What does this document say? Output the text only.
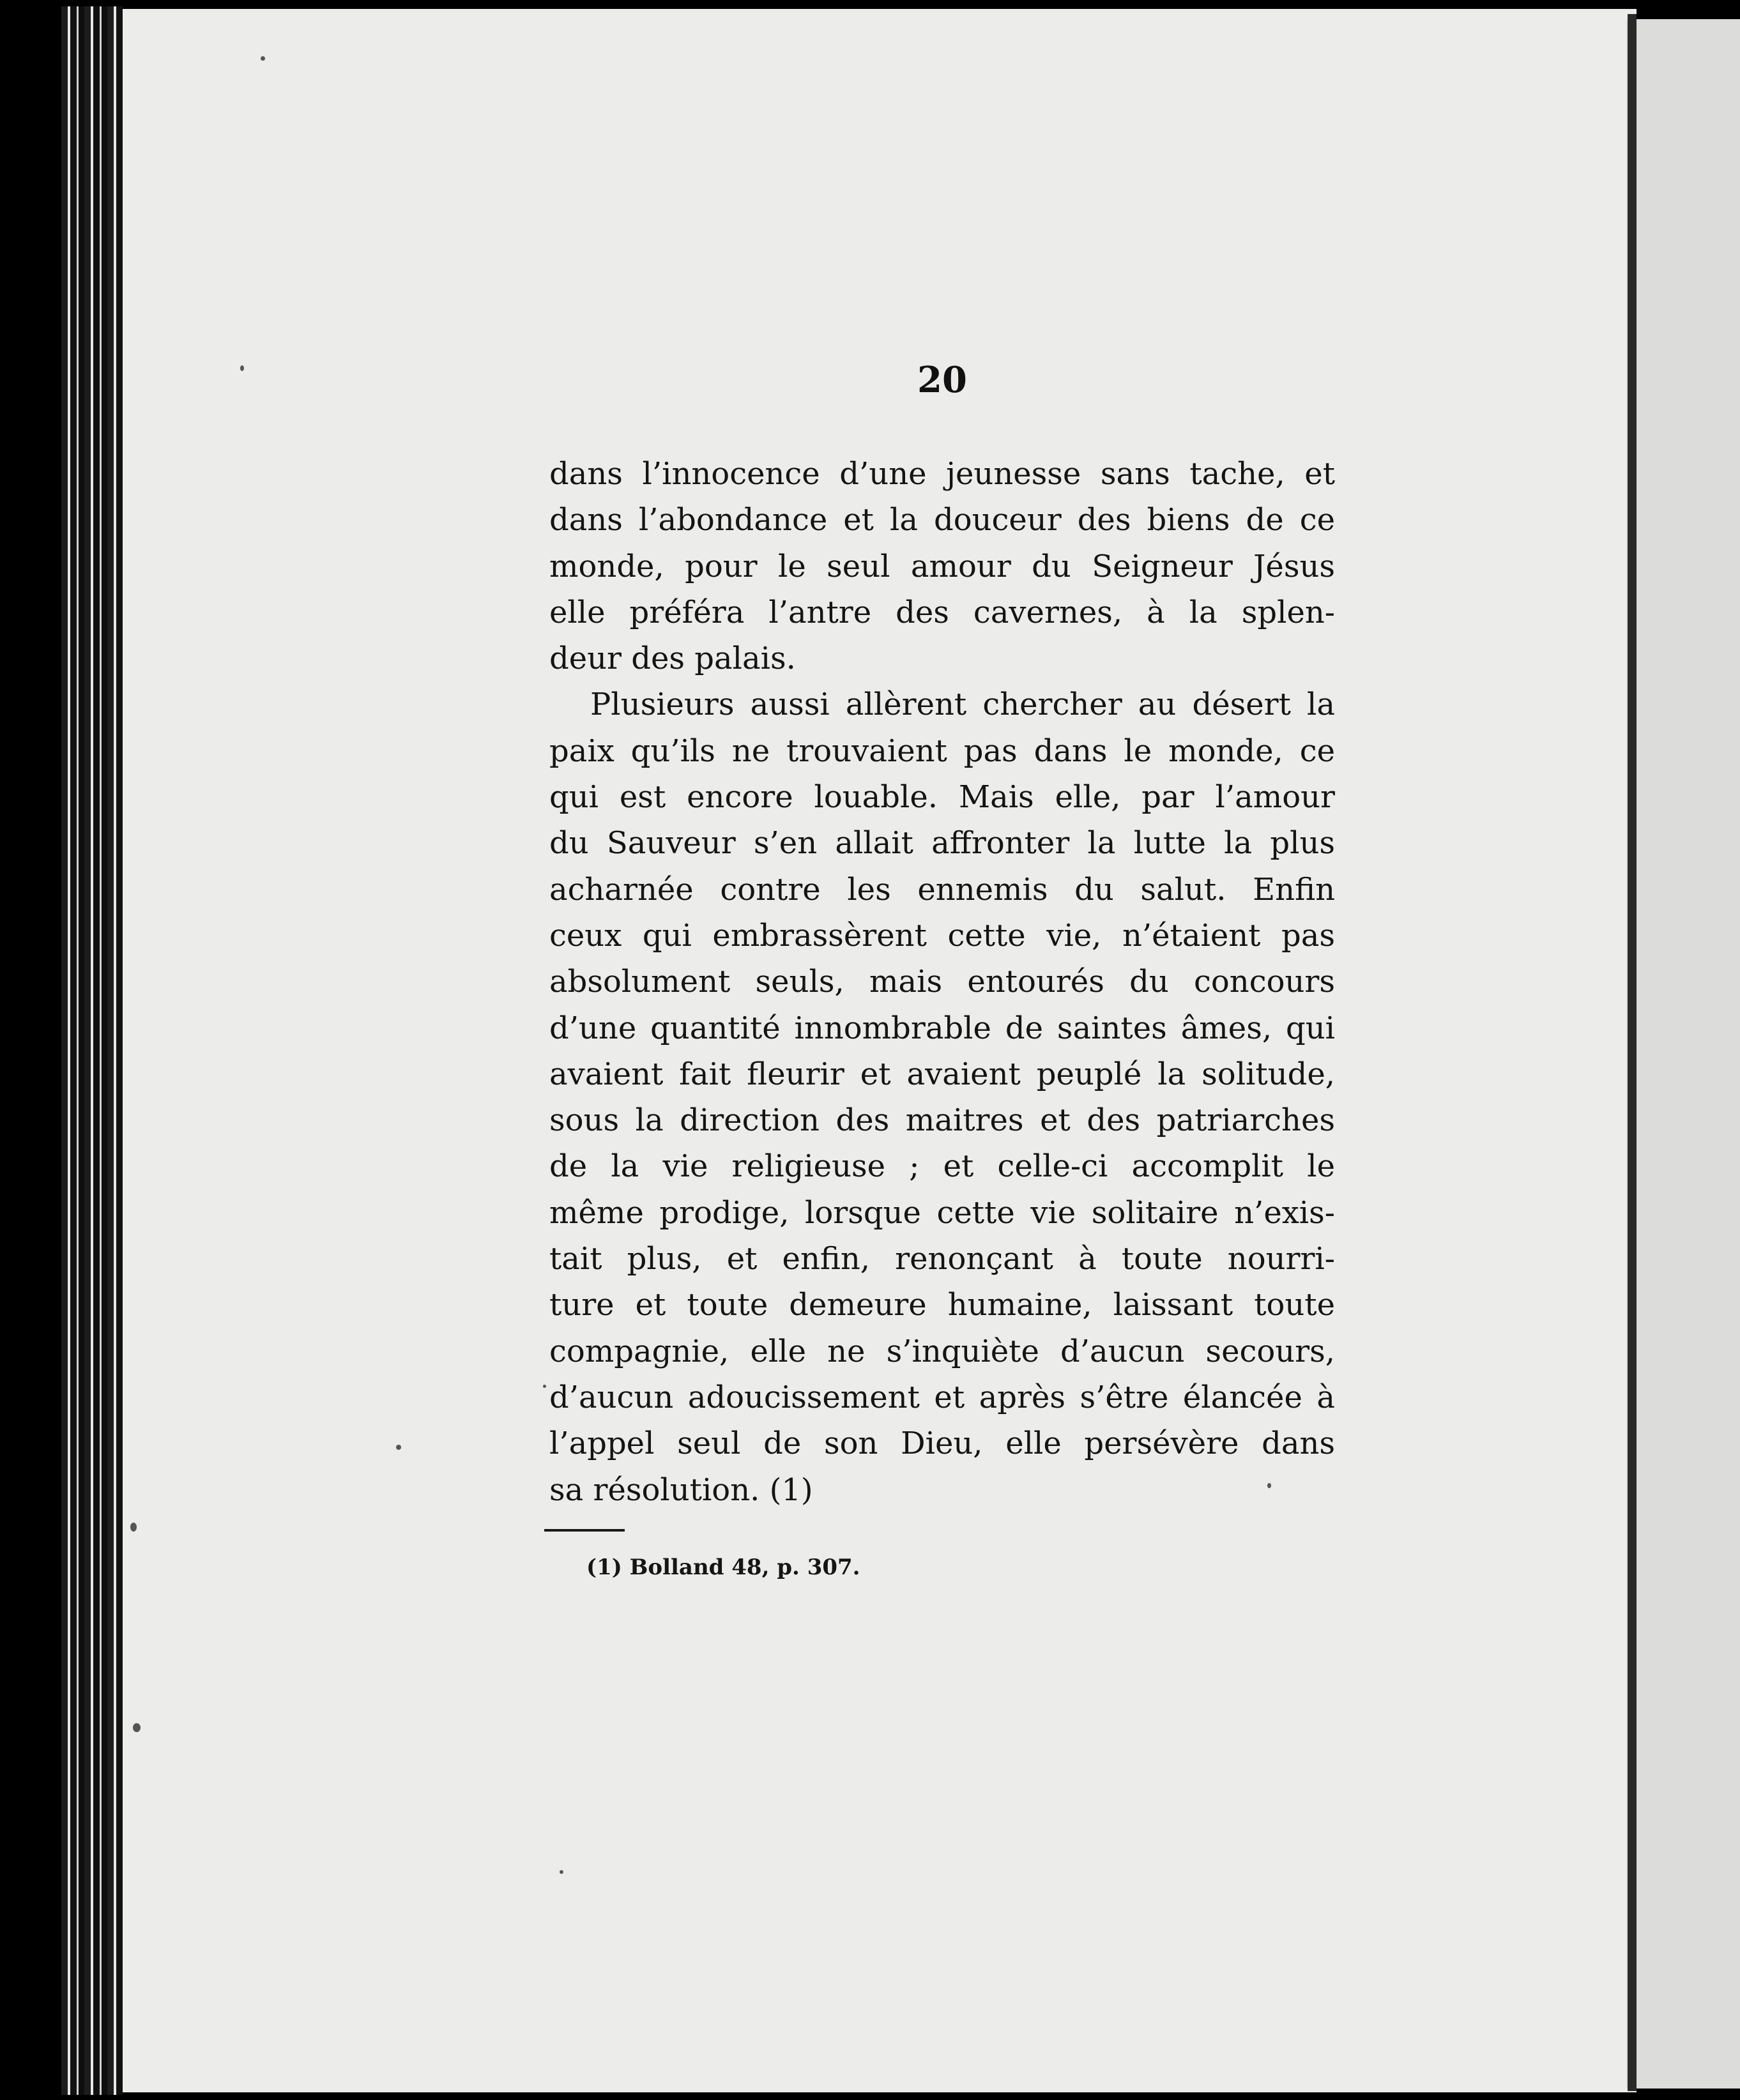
20
dans l’innocence d’une jeunesse sans tache, et
dans l’abondance et la douceur des biens de ce
monde, pour le seul amour du Seigneur Jésus
elle préféra l’antre des cavernes, à la splen-
deur des palais.
Plusieurs aussi allèrent chercher au désert la
paix qu’ils ne trouvaient pas dans le monde, ce
qui est encore louable. Mais elle, par l’amour
du Sauveur s’en allait affronter la lutte la plus
acharnée contre les ennemis du salut. Enfin
ceux qui embrassèrent cette vie, n’étaient pas
absolument seuls, mais entourés du concours
d’une quantité innombrable de saintes âmes, qui
avaient fait fleurir et avaient peuplé la solitude,
sous la direction des maitres et des patriarches
de la vie religieuse ; et celle-ci accomplit le
même prodige, lorsque cette vie solitaire n’exis-
tait plus, et enfin, renonçant à toute nourri-
ture et toute demeure humaine, laissant toute
compagnie, elle ne s’inquiète d’aucun secours,
d’aucun adoucissement et après s’être élancée à
l’appel seul de son Dieu, elle persévère dans
sa résolution. (1)
(1) Bolland 48, p. 307.
